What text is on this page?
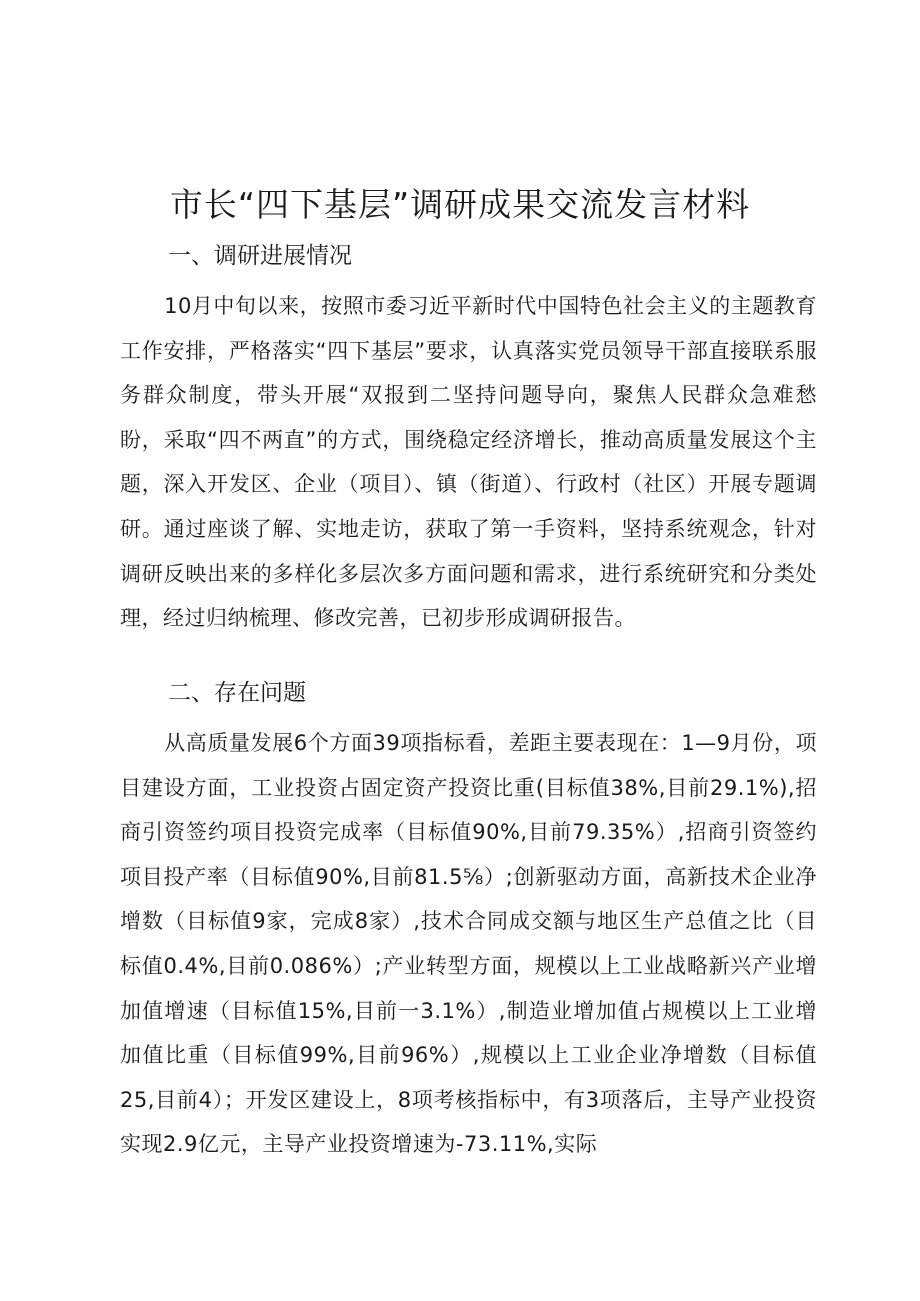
市长“四下基层”调研成果交流发言材料
一、调研进展情况

10月中旬以来，按照市委习近平新时代中国特色社会主义的主题教育工作安排，严格落实“四下基层”要求，认真落实党员领导干部直接联系服务群众制度，带头开展“双报到二坚持问题导向，聚焦人民群众急难愁盼，采取“四不两直”的方式，围绕稳定经济增长，推动高质量发展这个主题，深入开发区、企业（项目）、镇（街道）、行政村（社区）开展专题调研。通过座谈了解、实地走访，获取了第一手资料，坚持系统观念，针对调研反映出来的多样化多层次多方面问题和需求，进行系统研究和分类处理，经过归纳梳理、修改完善，已初步形成调研报告。

二、存在问题

从高质量发展6个方面39项指标看，差距主要表现在：1—9月份，项目建设方面，工业投资占固定资产投资比重(目标值38%,目前29.1%),招商引资签约项目投资完成率（目标值90%,目前79.35%）,招商引资签约项目投产率（目标值90%,目前81.5⅝）;创新驱动方面，高新技术企业净增数（目标值9家，完成8家）,技术合同成交额与地区生产总值之比（目标值0.4%,目前0.086%）;产业转型方面，规模以上工业战略新兴产业增加值增速（目标值15%,目前一3.1%）,制造业增加值占规模以上工业增加值比重（目标值99%,目前96%）,规模以上工业企业净增数（目标值25,目前4）；开发区建设上，8项考核指标中，有3项落后，主导产业投资实现2.9亿元，主导产业投资增速为-73.11%,实际
